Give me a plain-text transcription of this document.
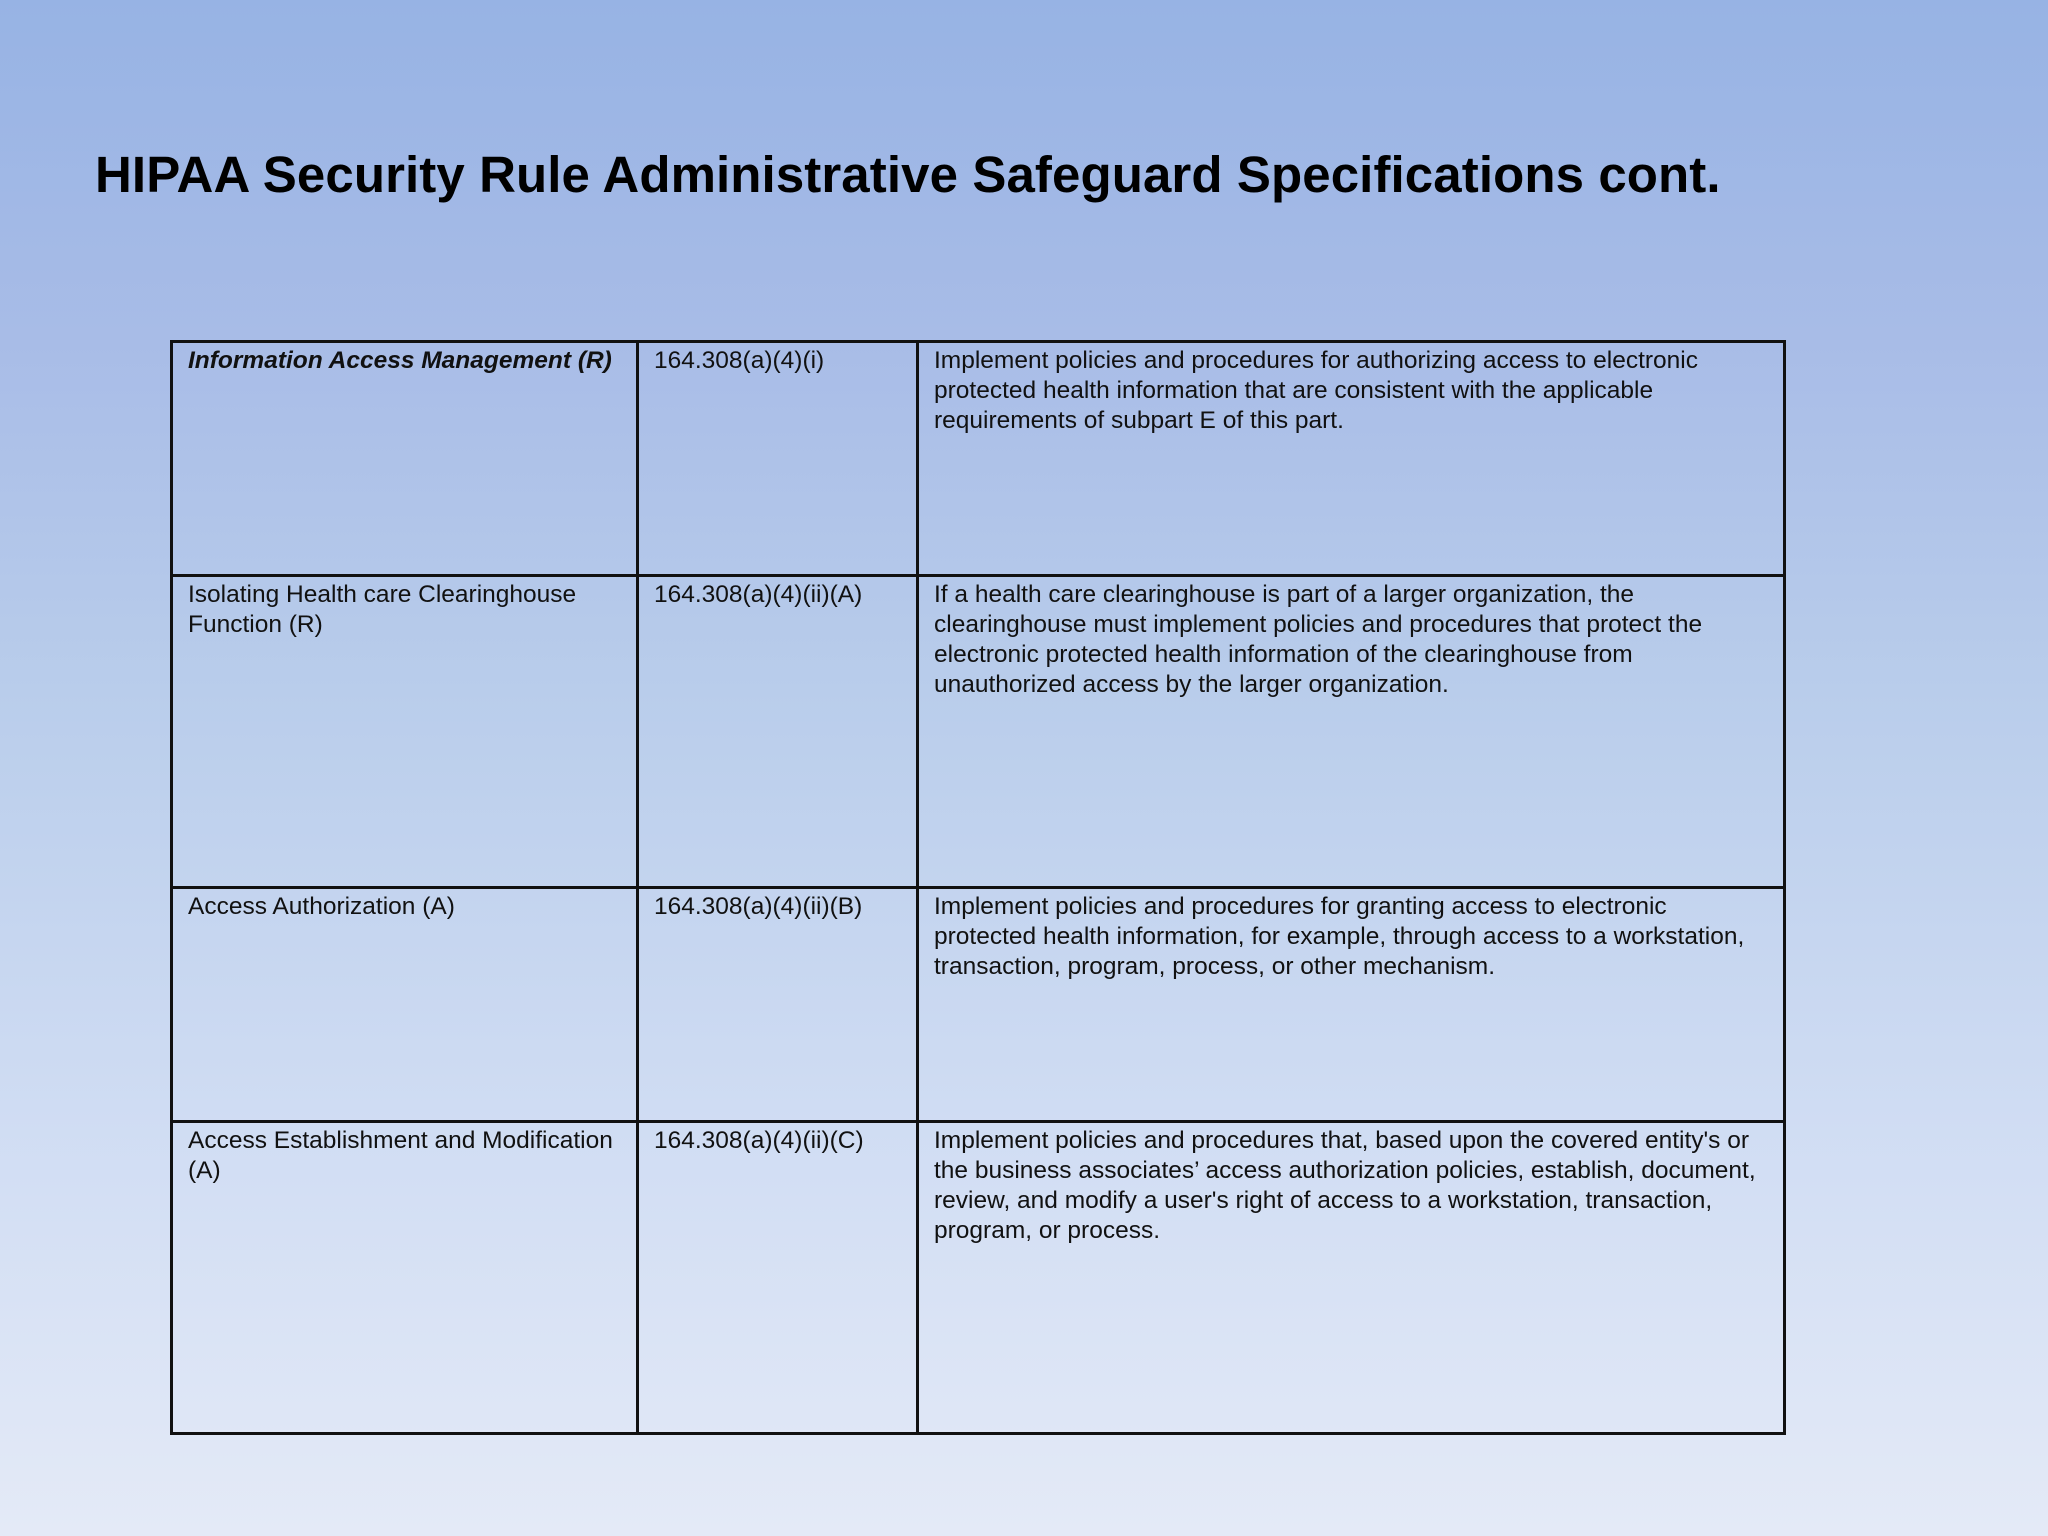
HIPAA Security Rule Administrative Safeguard Specifications cont.
Information Access Management (R)	164.308(a)(4)(i)	Implement policies and procedures for authorizing access to electronic protected health information that are consistent with the applicable requirements of subpart E of this part.
Isolating Health care Clearinghouse Function (R)	164.308(a)(4)(ii)(A)	If a health care clearinghouse is part of a larger organization, the clearinghouse must implement policies and procedures that protect the electronic protected health information of the clearinghouse from unauthorized access by the larger organization.
Access Authorization (A)	164.308(a)(4)(ii)(B)	Implement policies and procedures for granting access to electronic protected health information, for example, through access to a workstation, transaction, program, process, or other mechanism.
Access Establishment and Modification (A)	164.308(a)(4)(ii)(C)	Implement policies and procedures that, based upon the covered entity's or the business associates’ access authorization policies, establish, document, review, and modify a user's right of access to a workstation, transaction, program, or process.
